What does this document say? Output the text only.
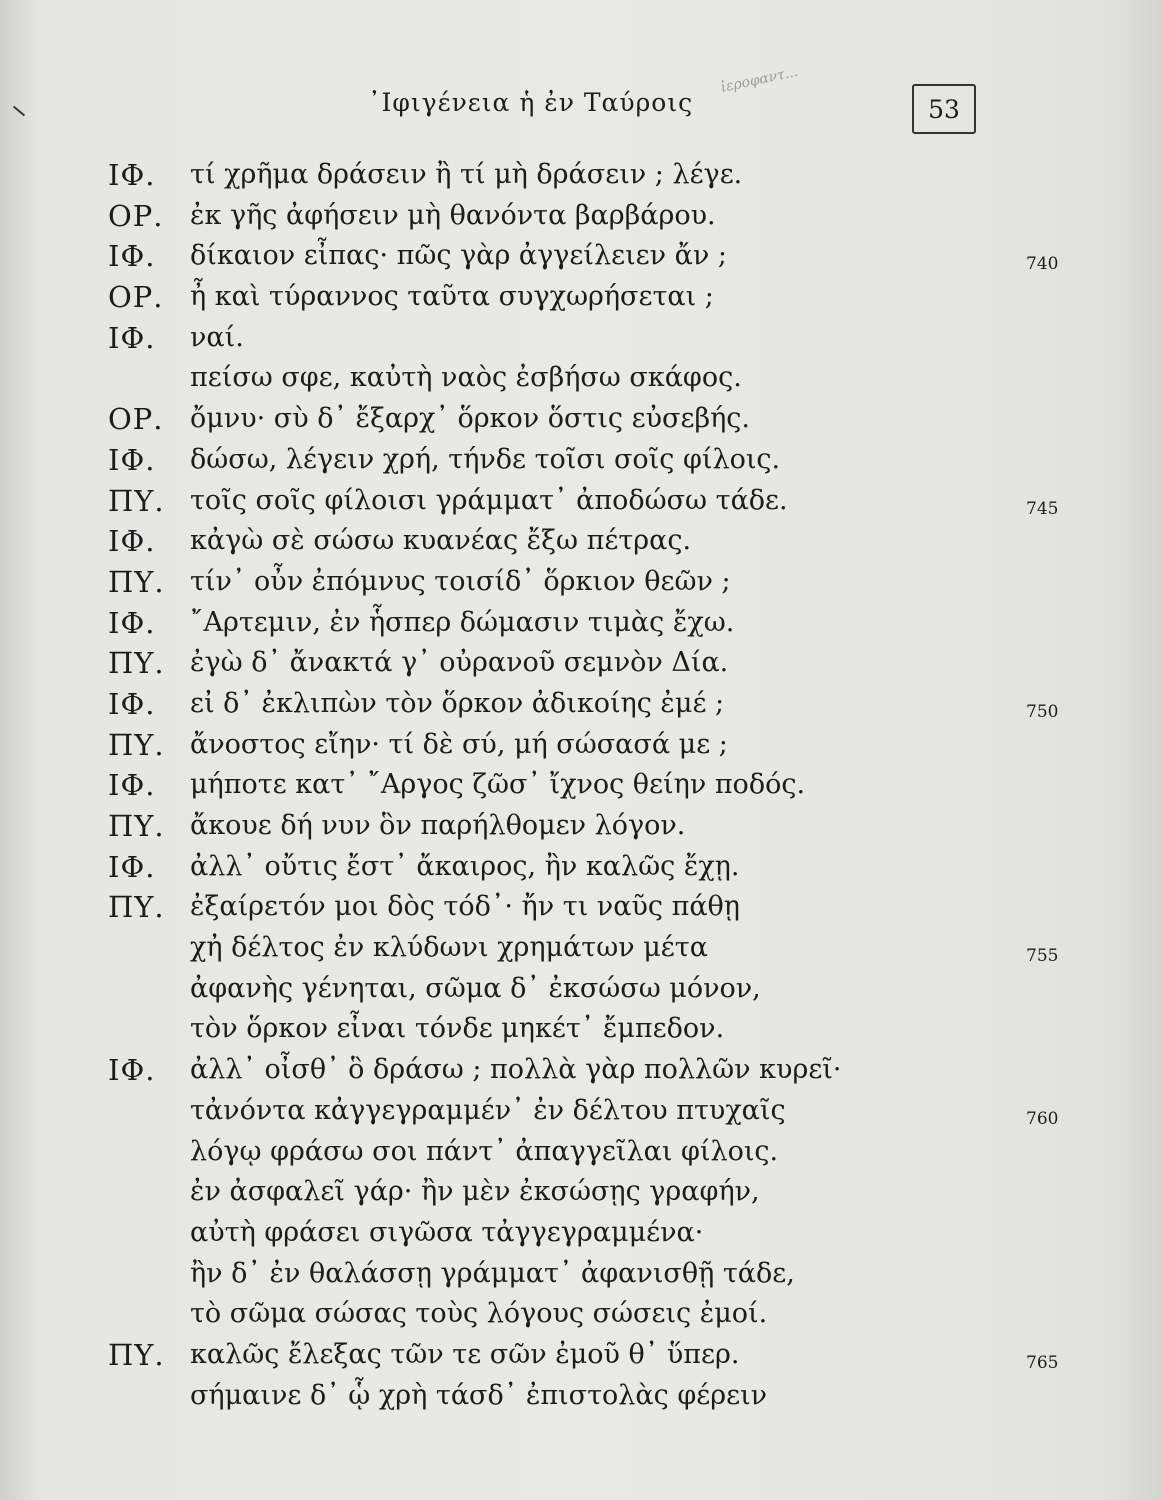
᾿Ιφιγένεια ἡ ἐν Ταύροις
ἱεροφαντ...
53
ΙΦ. τί χρῆμα δράσειν ἢ τί μὴ δράσειν ; λέγε.
ΟΡ. ἐκ γῆς ἀφήσειν μὴ θανόντα βαρβάρου.
ΙΦ. δίκαιον εἶπας· πῶς γὰρ ἀγγείλειεν ἄν ;	740
ΟΡ. ἦ καὶ τύραννος ταῦτα συγχωρήσεται ;
ΙΦ. ναί.
πείσω σφε, καὐτὴ ναὸς ἐσβήσω σκάφος.
ΟΡ. ὄμνυ· σὺ δ᾿ ἔξαρχ᾿ ὅρκον ὅστις εὐσεβής.
ΙΦ. δώσω, λέγειν χρή, τήνδε τοῖσι σοῖς φίλοις.
ΠΥ. τοῖς σοῖς φίλοισι γράμματ᾿ ἀποδώσω τάδε.	745
ΙΦ. κἀγὼ σὲ σώσω κυανέας ἔξω πέτρας.
ΠΥ. τίν᾿ οὖν ἐπόμνυς τοισίδ᾿ ὅρκιον θεῶν ;
ΙΦ. ῎Αρτεμιν, ἐν ἧσπερ δώμασιν τιμὰς ἔχω.
ΠΥ. ἐγὼ δ᾿ ἄνακτά γ᾿ οὐρανοῦ σεμνὸν Δία.
ΙΦ. εἰ δ᾿ ἐκλιπὼν τὸν ὅρκον ἀδικοίης ἐμέ ;	750
ΠΥ. ἄνοστος εἴην· τί δὲ σύ, μή σώσασά με ;
ΙΦ. μήποτε κατ᾿ ῎Αργος ζῶσ᾿ ἴχνος θείην ποδός.
ΠΥ. ἄκουε δή νυν ὃν παρήλθομεν λόγον.
ΙΦ. ἀλλ᾿ οὔτις ἔστ᾿ ἄκαιρος, ἢν καλῶς ἔχῃ.
ΠΥ. ἐξαίρετόν μοι δὸς τόδ᾿· ἤν τι ναῦς πάθῃ
χἠ δέλτος ἐν κλύδωνι χρημάτων μέτα	755
ἀφανὴς γένηται, σῶμα δ᾿ ἐκσώσω μόνον,
τὸν ὅρκον εἶναι τόνδε μηκέτ᾿ ἔμπεδον.
ΙΦ. ἀλλ᾿ οἶσθ᾿ ὃ δράσω ; πολλὰ γὰρ πολλῶν κυρεῖ·
τἀνόντα κἀγγεγραμμέν᾿ ἐν δέλτου πτυχαῖς	760
λόγῳ φράσω σοι πάντ᾿ ἀπαγγεῖλαι φίλοις.
ἐν ἀσφαλεῖ γάρ· ἢν μὲν ἐκσώσῃς γραφήν,
αὐτὴ φράσει σιγῶσα τἀγγεγραμμένα·
ἢν δ᾿ ἐν θαλάσσῃ γράμματ᾿ ἀφανισθῇ τάδε,
τὸ σῶμα σώσας τοὺς λόγους σώσεις ἐμοί.
ΠΥ. καλῶς ἔλεξας τῶν τε σῶν ἐμοῦ θ᾿ ὕπερ.	765
σήμαινε δ᾿ ᾧ χρὴ τάσδ᾿ ἐπιστολὰς φέρειν
